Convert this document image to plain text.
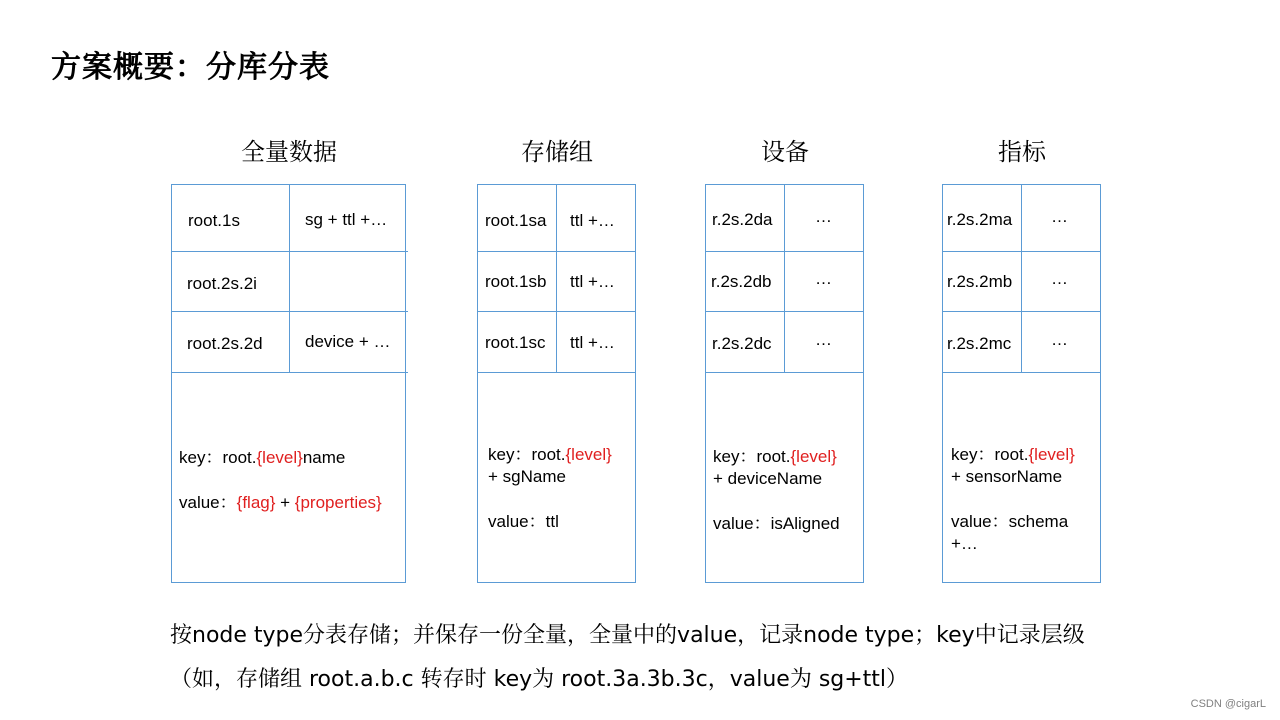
方案概要：分库分表
全量数据	存储组	设备	指标
root.1s	sg + ttl +…
root.2s.2i
root.2s.2d device + …
key：root.{level}name
value：{flag} + {properties}
root.1sa ttl +…
root.1sb ttl +…
root.1sc ttl +…
key：root.{level}
+ sgName
value：ttl
r.2s.2da	…
r.2s.2db	…
r.2s.2dc	…
key：root.{level}
+ deviceName
value：isAligned
r.2s.2ma …
r.2s.2mb …
r.2s.2mc …
key：root.{level}
+ sensorName
value：schema
+…
按node type分表存储；并保存一份全量，全量中的value，记录node type；key中记录层级
（如，存储组 root.a.b.c 转存时 key为 root.3a.3b.3c，value为 sg+ttl）
CSDN @cigarL
